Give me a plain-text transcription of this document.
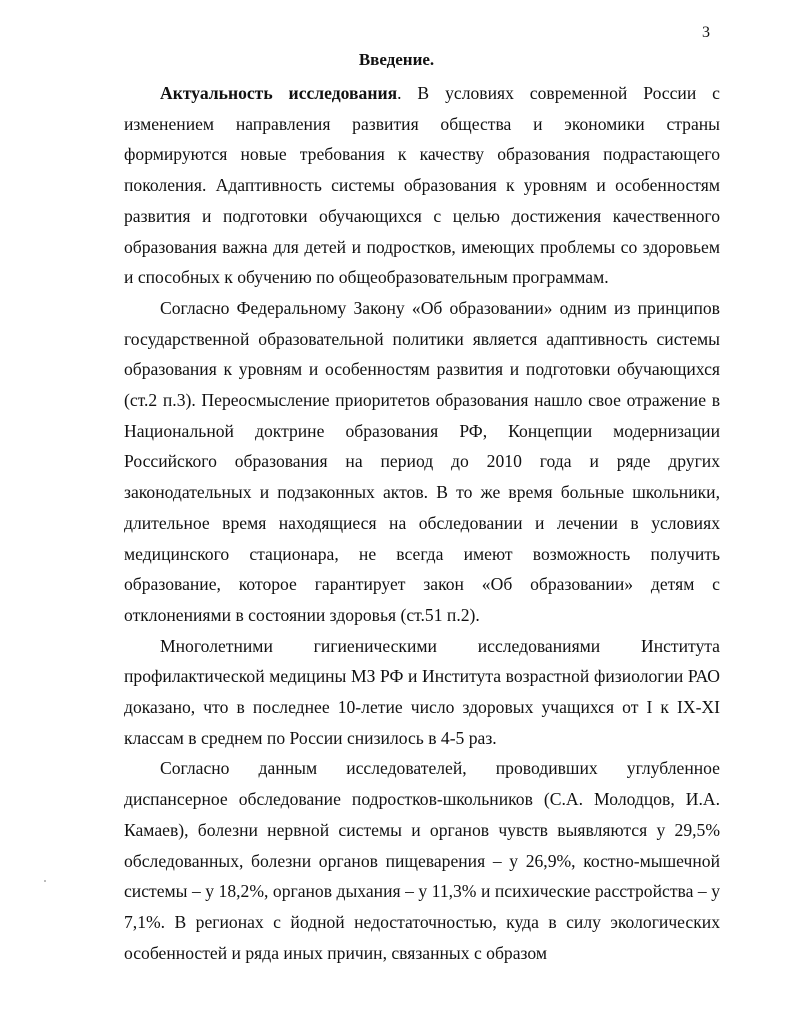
3
Введение.

Актуальность исследования. В условиях современной России с изменением направления развития общества и экономики страны формируются новые требования к качеству образования подрастающего поколения. Адаптивность системы образования к уровням и особенностям развития и подготовки обучающихся с целью достижения качественного образования важна для детей и подростков, имеющих проблемы со здоровьем и способных к обучению по общеобразовательным программам.

Согласно Федеральному Закону «Об образовании» одним из принципов государственной образовательной политики является адаптивность системы образования к уровням и особенностям развития и подготовки обучающихся (ст.2 п.3). Переосмысление приоритетов образования нашло свое отражение в Национальной доктрине образования РФ, Концепции модернизации Российского образования на период до 2010 года и ряде других законодательных и подзаконных актов. В то же время больные школьники, длительное время находящиеся на обследовании и лечении в условиях медицинского стационара, не всегда имеют возможность получить образование, которое гарантирует закон «Об образовании» детям с отклонениями в состоянии здоровья (ст.51 п.2).

Многолетними гигиеническими исследованиями Института профилактической медицины МЗ РФ и Института возрастной физиологии РАО доказано, что в последнее 10-летие число здоровых учащихся от I к IX-XI классам в среднем по России снизилось в 4-5 раз.

Согласно данным исследователей, проводивших углубленное диспансерное обследование подростков-школьников (С.А. Молодцов, И.А. Камаев), болезни нервной системы и органов чувств выявляются у 29,5% обследованных, болезни органов пищеварения – у 26,9%, костно-мышечной системы – у 18,2%, органов дыхания – у 11,3% и психические расстройства – у 7,1%. В регионах с йодной недостаточностью, куда в силу экологических особенностей и ряда иных причин, связанных с образом
